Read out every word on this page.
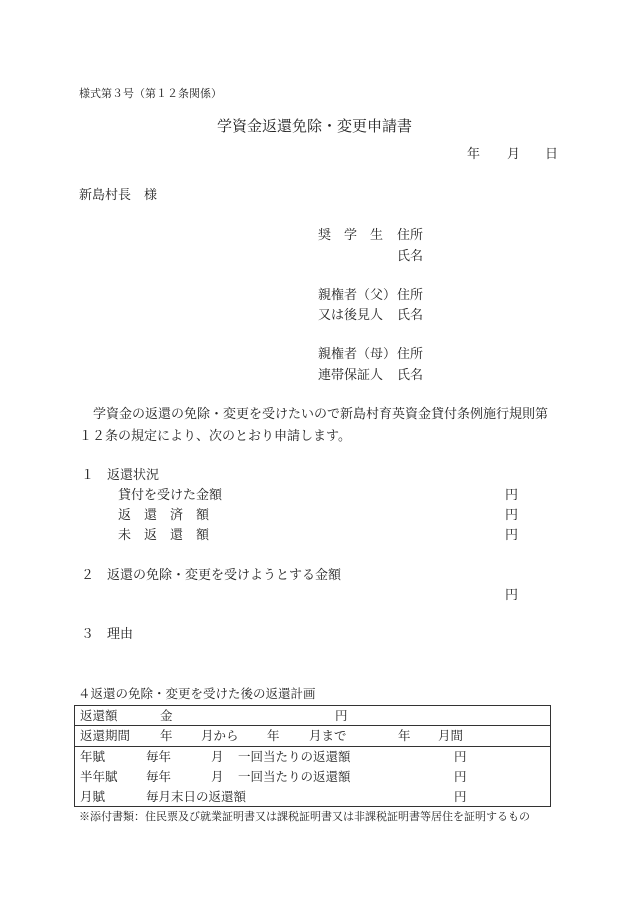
様式第３号（第１２条関係）
学資金返還免除・変更申請書
年 月 日
新島村長　様
奨　学　生 住所
氏名
親権者（父） 住所
又は後見人 氏名
親権者（母） 住所
連帯保証人 氏名
学資金の返還の免除・変更を受けたいので新島村育英資金貸付条例施行規則第
１２条の規定により、次のとおり申請します。
１　返還状況
貸付を受けた金額	円
返　還　済　額	円
未　返　還　額	円
２　返還の免除・変更を受けようとする金額
円
３　理由
４返還の免除・変更を受けた後の返還計画
返還額	金	円
返還期間 年 月から 年 月まで	年 月間
年賦	毎年	月 一回当たりの返還額	円
半年賦 毎年	月 一回当たりの返還額	円
月賦	毎月末日の返還額	円
※添付書類：住民票及び就業証明書又は課税証明書又は非課税証明書等居住を証明するもの
